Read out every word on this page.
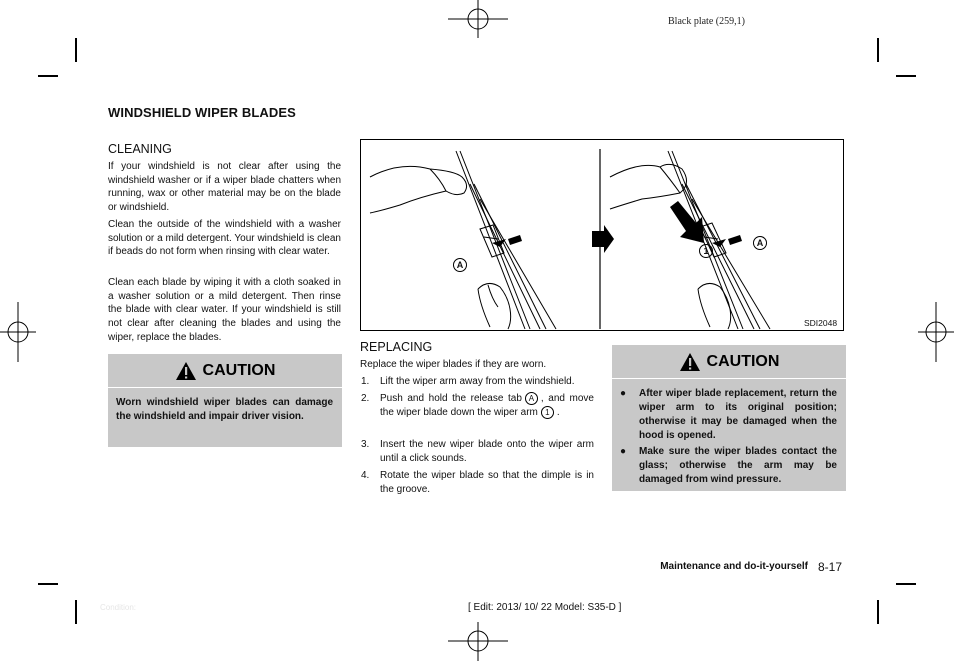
Black plate (259,1)
WINDSHIELD WIPER BLADES
CLEANING
If your windshield is not clear after using the windshield washer or if a wiper blade chatters when running, wax or other material may be on the blade or windshield.
Clean the outside of the windshield with a washer solution or a mild detergent. Your windshield is clean if beads do not form when rinsing with clear water.
Clean each blade by wiping it with a cloth soaked in a washer solution or a mild detergent. Then rinse the blade with clear water. If your windshield is still not clear after cleaning the blades and using the wiper, replace the blades.
CAUTION
Worn windshield wiper blades can damage the windshield and impair driver vision.
A
1
A
SDI2048
REPLACING
Replace the wiper blades if they are worn.
1. Lift the wiper arm away from the windshield.
2. Push and hold the release tab A , and move the wiper blade down the wiper arm 1 .
3. Insert the new wiper blade onto the wiper arm until a click sounds.
4. Rotate the wiper blade so that the dimple is in the groove.
CAUTION
● After wiper blade replacement, return the wiper arm to its original position; otherwise it may be damaged when the hood is opened.
● Make sure the wiper blades contact the glass; otherwise the arm may be damaged from wind pressure.
Maintenance and do-it-yourself 8-17
[ Edit: 2013/ 10/ 22 Model: S35-D ]
Condition:
